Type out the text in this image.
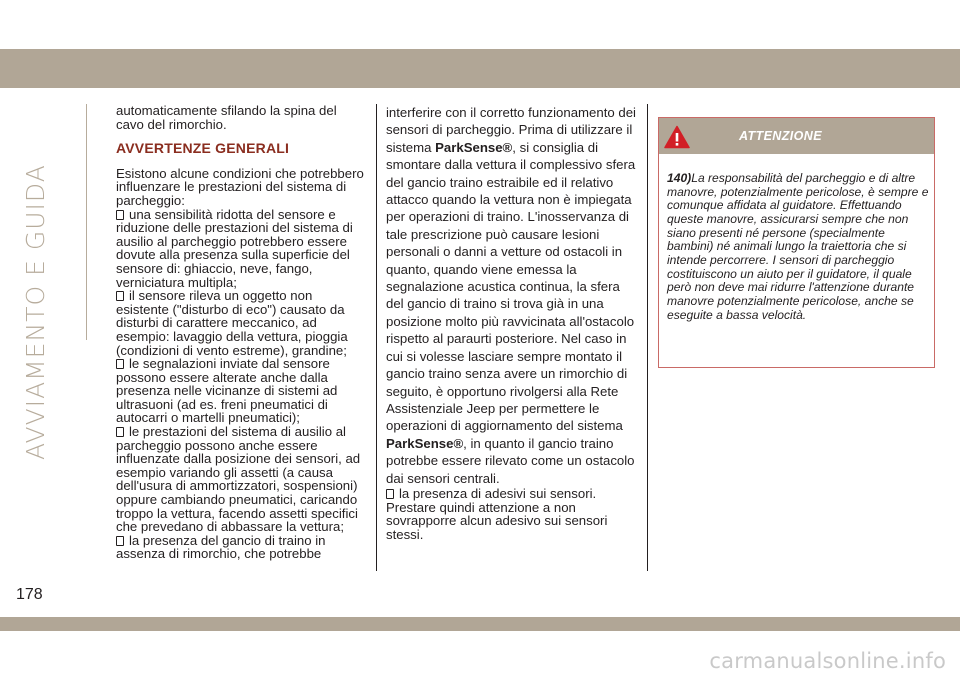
AVVIAMENTO E GUIDA

automaticamente sfilando la spina del cavo del rimorchio.

AVVERTENZE GENERALI

Esistono alcune condizioni che potrebbero influenzare le prestazioni del sistema di parcheggio:

una sensibilità ridotta del sensore e riduzione delle prestazioni del sistema di ausilio al parcheggio potrebbero essere dovute alla presenza sulla superficie del sensore di: ghiaccio, neve, fango, verniciatura multipla;

il sensore rileva un oggetto non esistente ("disturbo di eco") causato da disturbi di carattere meccanico, ad esempio: lavaggio della vettura, pioggia (condizioni di vento estreme), grandine;

le segnalazioni inviate dal sensore possono essere alterate anche dalla presenza nelle vicinanze di sistemi ad ultrasuoni (ad es. freni pneumatici di autocarri o martelli pneumatici);

le prestazioni del sistema di ausilio al parcheggio possono anche essere influenzate dalla posizione dei sensori, ad esempio variando gli assetti (a causa dell'usura di ammortizzatori, sospensioni) oppure cambiando pneumatici, caricando troppo la vettura, facendo assetti specifici che prevedano di abbassare la vettura;

la presenza del gancio di traino in assenza di rimorchio, che potrebbe

interferire con il corretto funzionamento dei sensori di parcheggio. Prima di utilizzare il sistema ParkSense®, si consiglia di smontare dalla vettura il complessivo sfera del gancio traino estraibile ed il relativo attacco quando la vettura non è impiegata per operazioni di traino. L'inosservanza di tale prescrizione può causare lesioni personali o danni a vetture od ostacoli in quanto, quando viene emessa la segnalazione acustica continua, la sfera del gancio di traino si trova già in una posizione molto più ravvicinata all'ostacolo rispetto al paraurti posteriore. Nel caso in cui si volesse lasciare sempre montato il gancio traino senza avere un rimorchio di seguito, è opportuno rivolgersi alla Rete Assistenziale Jeep per permettere le operazioni di aggiornamento del sistema ParkSense®, in quanto il gancio traino potrebbe essere rilevato come un ostacolo dai sensori centrali.

la presenza di adesivi sui sensori. Prestare quindi attenzione a non sovrapporre alcun adesivo sui sensori stessi.

ATTENZIONE

140)La responsabilità del parcheggio e di altre manovre, potenzialmente pericolose, è sempre e comunque affidata al guidatore. Effettuando queste manovre, assicurarsi sempre che non siano presenti né persone (specialmente bambini) né animali lungo la traiettoria che si intende percorrere. I sensori di parcheggio costituiscono un aiuto per il guidatore, il quale però non deve mai ridurre l'attenzione durante manovre potenzialmente pericolose, anche se eseguite a bassa velocità.

178
carmanualsonline.info
